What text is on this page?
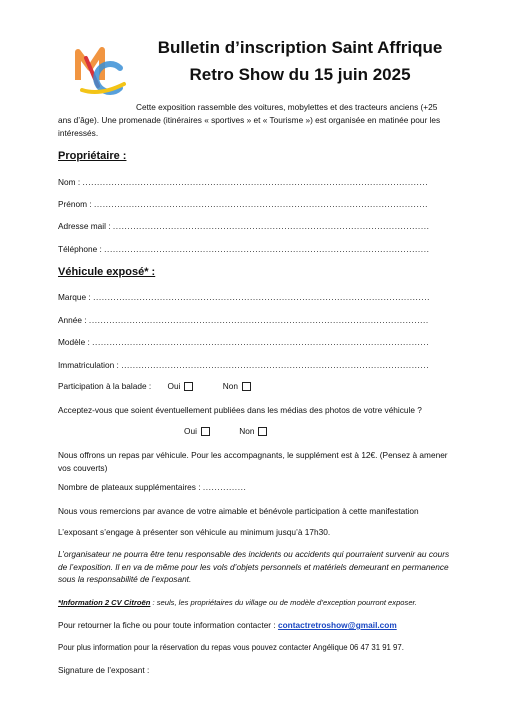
Bulletin d’inscription Saint Affrique
Retro Show du 15 juin 2025
Cette exposition rassemble des voitures, mobylettes et des tracteurs anciens (+25
ans d’âge). Une promenade (itinéraires « sportives » et « Tourisme ») est organisée en matinée pour les intéressés.
Propriétaire :
Nom : .......................................................................................................................
Prénom : ...................................................................................................................
Adresse mail : .............................................................................................................
Téléphone : ................................................................................................................
Véhicule exposé* :
Marque : ....................................................................................................................
Année : .....................................................................................................................
Modèle : ....................................................................................................................
Immatriculation : ..........................................................................................................
Participation à la balade : Oui	Non
Acceptez-vous que soient éventuellement publiées dans les médias des photos de votre véhicule ?
Oui	Non
Nous offrons un repas par véhicule. Pour les accompagnants, le supplément est à 12€. (Pensez à amener vos couverts)
Nombre de plateaux supplémentaires : ...............
Nous vous remercions par avance de votre aimable et bénévole participation à cette manifestation
L’exposant s’engage à présenter son véhicule au minimum jusqu’à 17h30.
L’organisateur ne pourra être tenu responsable des incidents ou accidents qui pourraient survenir au cours de l’exposition. Il en va de même pour les vols d’objets personnels et matériels demeurant en permanence sous la responsabilité de l’exposant.
*Information 2 CV Citroën : seuls, les propriétaires du village ou de modèle d’exception pourront exposer.
Pour retourner la fiche ou pour toute information contacter : contactretroshow@gmail.com
Pour plus information pour la réservation du repas vous pouvez contacter Angélique 06 47 31 91 97.
Signature de l’exposant :
